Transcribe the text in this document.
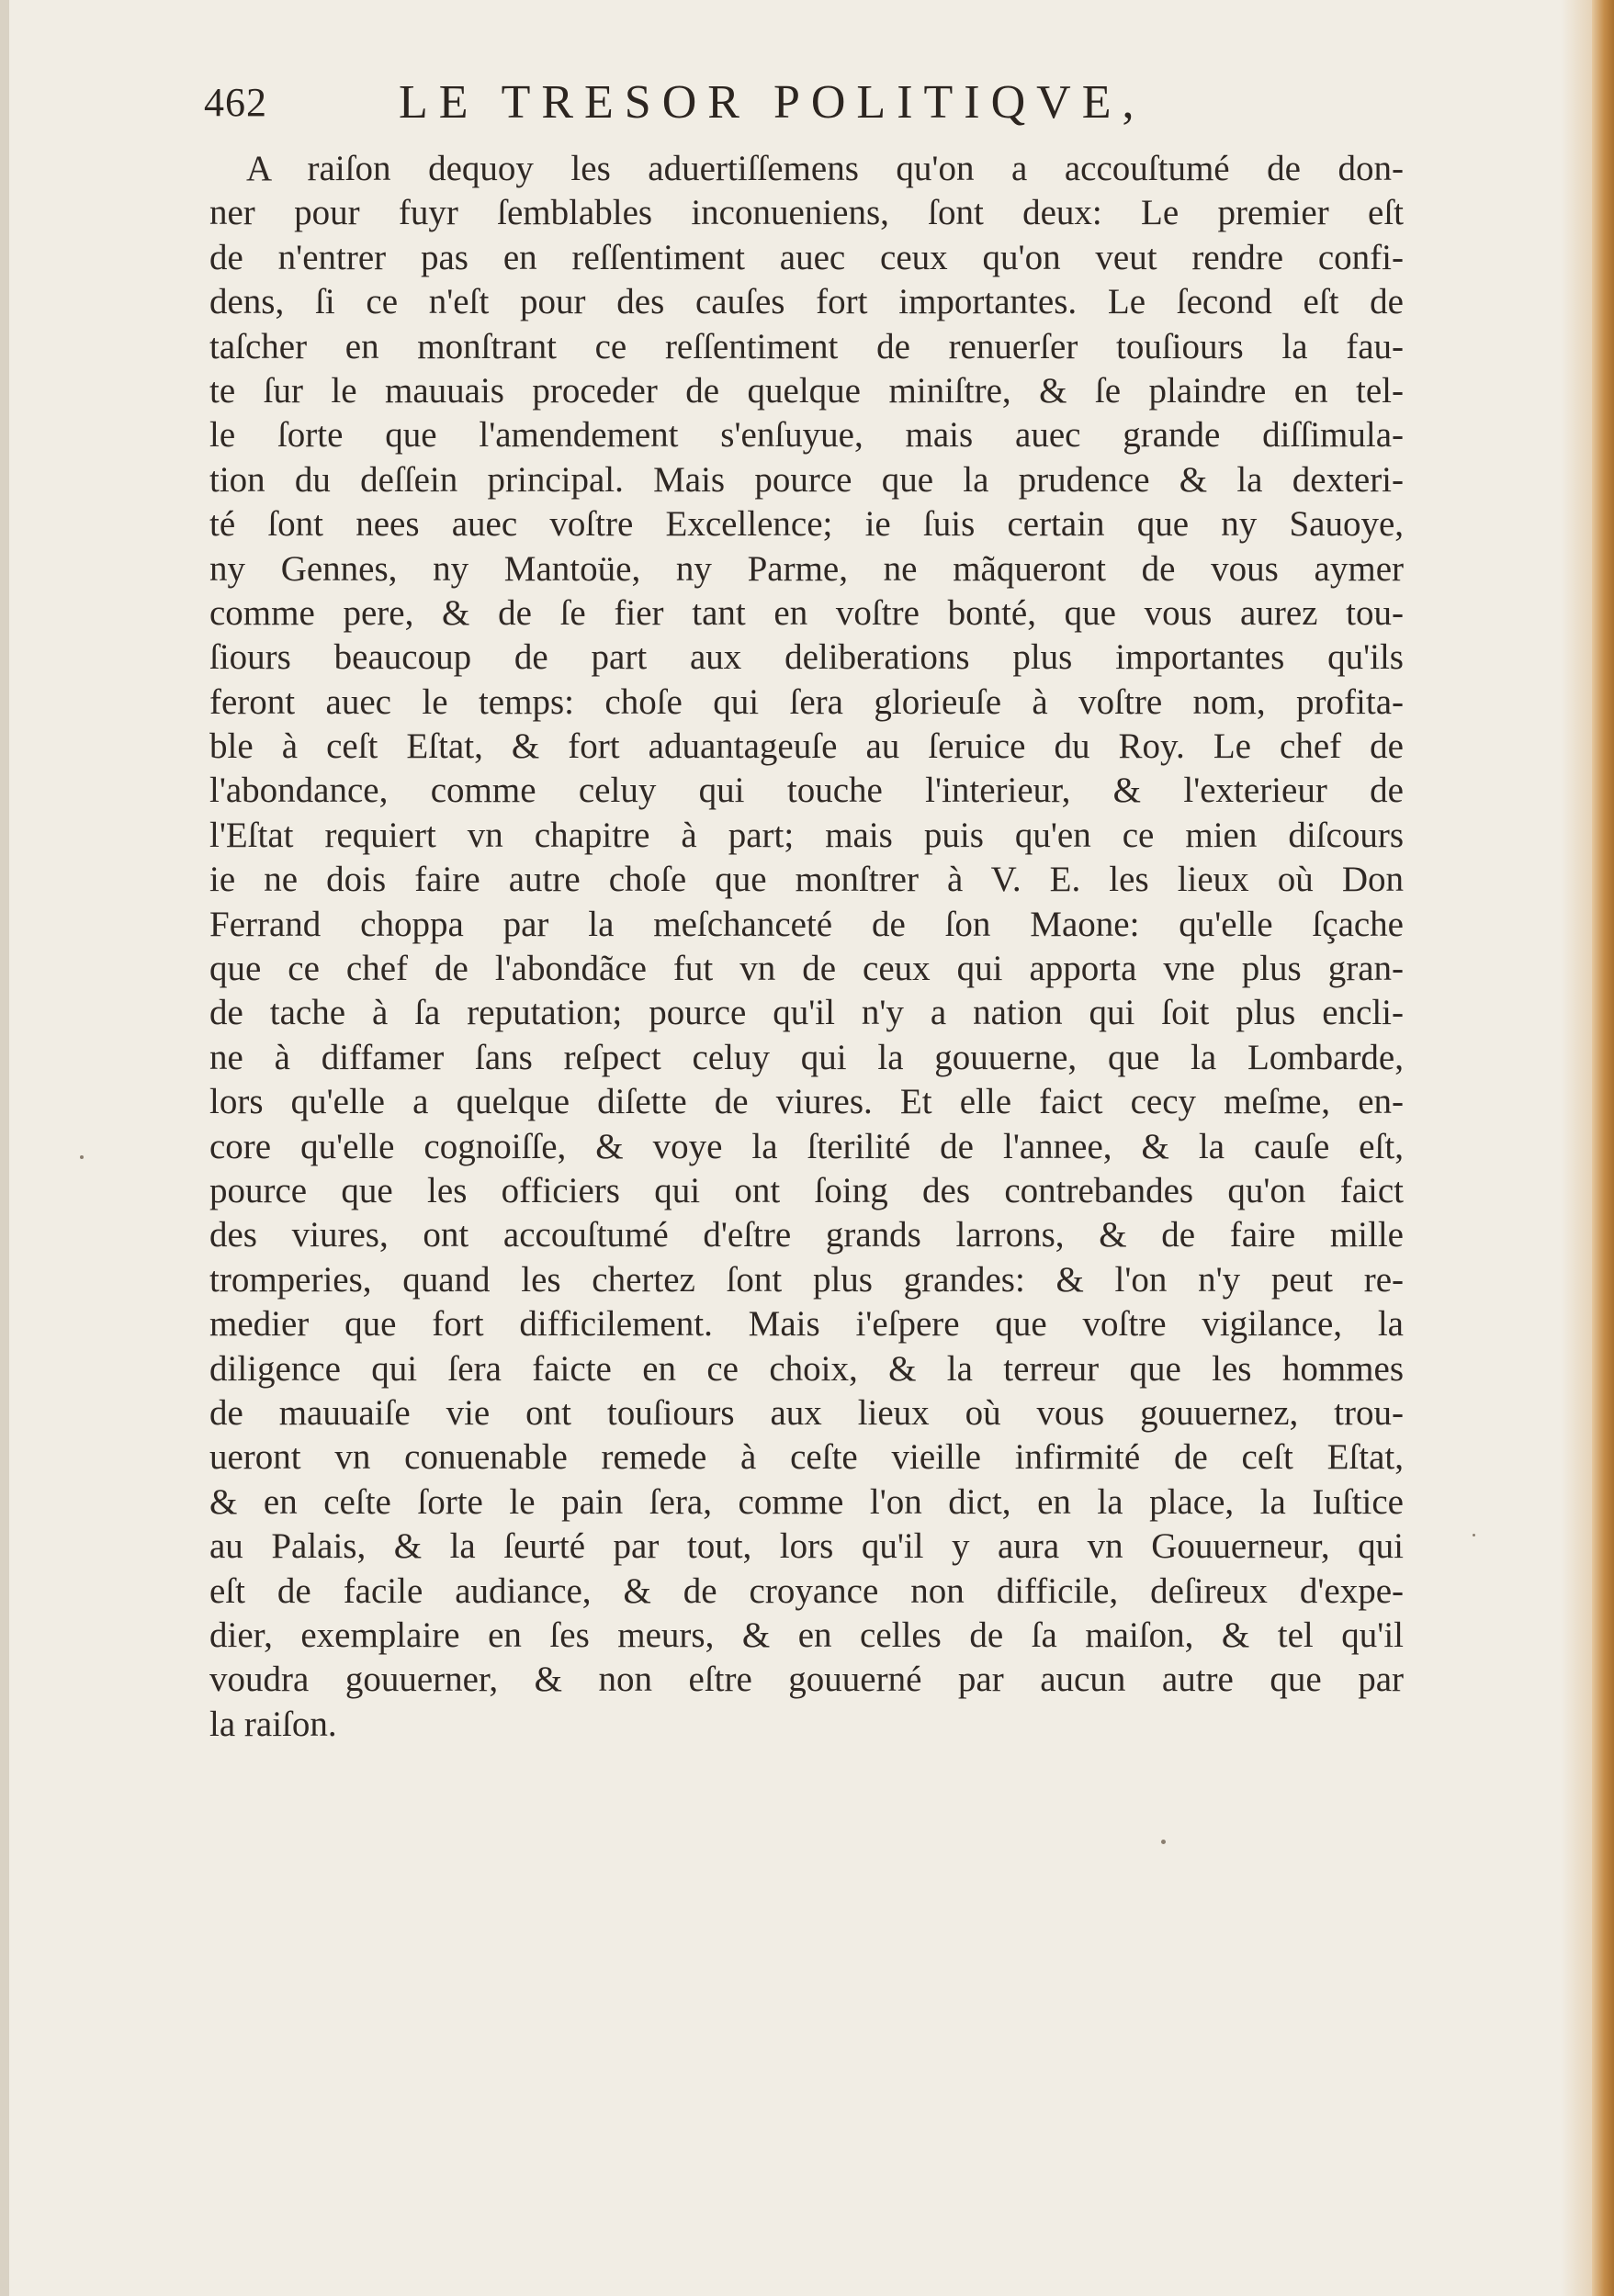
462	LE TRESOR POLITIQVE,
A raiſon dequoy les aduertiſſemens qu'on a accouſtumé de don-
ner pour fuyr ſemblables inconueniens, ſont deux: Le premier eſt
de n'entrer pas en reſſentiment auec ceux qu'on veut rendre confi-
dens, ſi ce n'eſt pour des cauſes fort importantes. Le ſecond eſt de
taſcher en monſtrant ce reſſentiment de renuerſer touſiours la fau-
te ſur le mauuais proceder de quelque miniſtre, & ſe plaindre en tel-
le ſorte que l'amendement s'enſuyue, mais auec grande diſſimula-
tion du deſſein principal. Mais pource que la prudence & la dexteri-
té ſont nees auec voſtre Excellence; ie ſuis certain que ny Sauoye,
ny Gennes, ny Mantoüe, ny Parme, ne mãqueront de vous aymer
comme pere, & de ſe fier tant en voſtre bonté, que vous aurez tou-
ſiours beaucoup de part aux deliberations plus importantes qu'ils
feront auec le temps: choſe qui ſera glorieuſe à voſtre nom, profita-
ble à ceſt Eſtat, & fort aduantageuſe au ſeruice du Roy. Le chef de
l'abondance, comme celuy qui touche l'interieur, & l'exterieur de
l'Eſtat requiert vn chapitre à part; mais puis qu'en ce mien diſcours
ie ne dois faire autre choſe que monſtrer à V. E. les lieux où Don
Ferrand choppa par la meſchanceté de ſon Maone: qu'elle ſçache
que ce chef de l'abondãce fut vn de ceux qui apporta vne plus gran-
de tache à ſa reputation; pource qu'il n'y a nation qui ſoit plus encli-
ne à diffamer ſans reſpect celuy qui la gouuerne, que la Lombarde,
lors qu'elle a quelque diſette de viures. Et elle faict cecy meſme, en-
core qu'elle cognoiſſe, & voye la ſterilité de l'annee, & la cauſe eſt,
pource que les officiers qui ont ſoing des contrebandes qu'on faict
des viures, ont accouſtumé d'eſtre grands larrons, & de faire mille
tromperies, quand les chertez ſont plus grandes: & l'on n'y peut re-
medier que fort difficilement. Mais i'eſpere que voſtre vigilance, la
diligence qui ſera faicte en ce choix, & la terreur que les hommes
de mauuaiſe vie ont touſiours aux lieux où vous gouuernez, trou-
ueront vn conuenable remede à ceſte vieille infirmité de ceſt Eſtat,
& en ceſte ſorte le pain ſera, comme l'on dict, en la place, la Iuſtice
au Palais, & la ſeurté par tout, lors qu'il y aura vn Gouuerneur, qui
eſt de facile audiance, & de croyance non difficile, deſireux d'expe-
dier, exemplaire en ſes meurs, & en celles de ſa maiſon, & tel qu'il
voudra gouuerner, & non eſtre gouuerné par aucun autre que par
la raiſon.
